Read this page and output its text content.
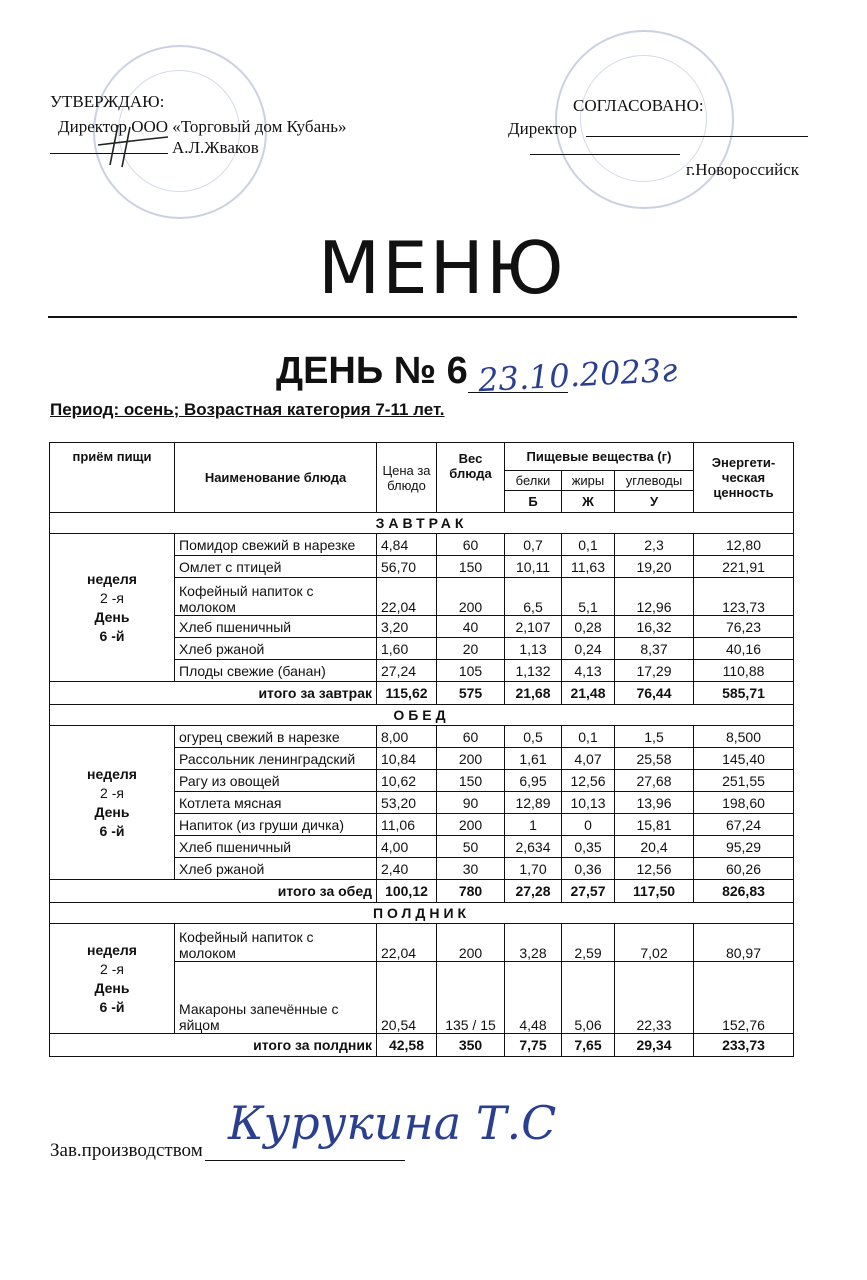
УТВЕРЖДАЮ:
Директор ООО «Торговый дом Кубань»
А.Л.Жваков
СОГЛАСОВАНО:
Директор
г.Новороссийск
МЕНЮ
ДЕНЬ № 6 23.10.2023г
Период: осень; Возрастная категория 7-11 лет.
приём пищи	Наименование блюда	Цена за блюдо	Вес блюда	Пищевые вещества (г)			Энергети-ческая ценность
				белки	жиры	углеводы	
				Б	Ж	У	
ЗАВТРАК							

неделя
2 -я
День
6 -й	Помидор свежий в нарезке	4,84	60	0,7	0,1	2,3	12,80
	Омлет с птицей	56,70	150	10,11	11,63	19,20	221,91
	Кофейный напиток с молоком	22,04	200	6,5	5,1	12,96	123,73
	Хлеб пшеничный	3,20	40	2,107	0,28	16,32	76,23
	Хлеб ржаной	1,60	20	1,13	0,24	8,37	40,16
	Плоды свежие (банан)	27,24	105	1,132	4,13	17,29	110,88
итого за завтрак		115,62	575	21,68	21,48	76,44	585,71
ОБЕД							

неделя
2 -я
День
6 -й	огурец свежий в нарезке	8,00	60	0,5	0,1	1,5	8,500
	Рассольник ленинградский	10,84	200	1,61	4,07	25,58	145,40
	Рагу из овощей	10,62	150	6,95	12,56	27,68	251,55
	Котлета мясная	53,20	90	12,89	10,13	13,96	198,60
	Напиток (из груши дичка)	11,06	200	1	0	15,81	67,24
	Хлеб пшеничный	4,00	50	2,634	0,35	20,4	95,29
	Хлеб ржаной	2,40	30	1,70	0,36	12,56	60,26
итого за обед		100,12	780	27,28	27,57	117,50	826,83
ПОЛДНИК							

неделя
2 -я
День
6 -й	Кофейный напиток с молоком	22,04	200	3,28	2,59	7,02	80,97
	Макароны запечённые с яйцом	20,54	135 / 15	4,48	5,06	22,33	152,76
итого за полдник		42,58	350	7,75	7,65	29,34	233,73
Зав.производством
Курукина Т.С
